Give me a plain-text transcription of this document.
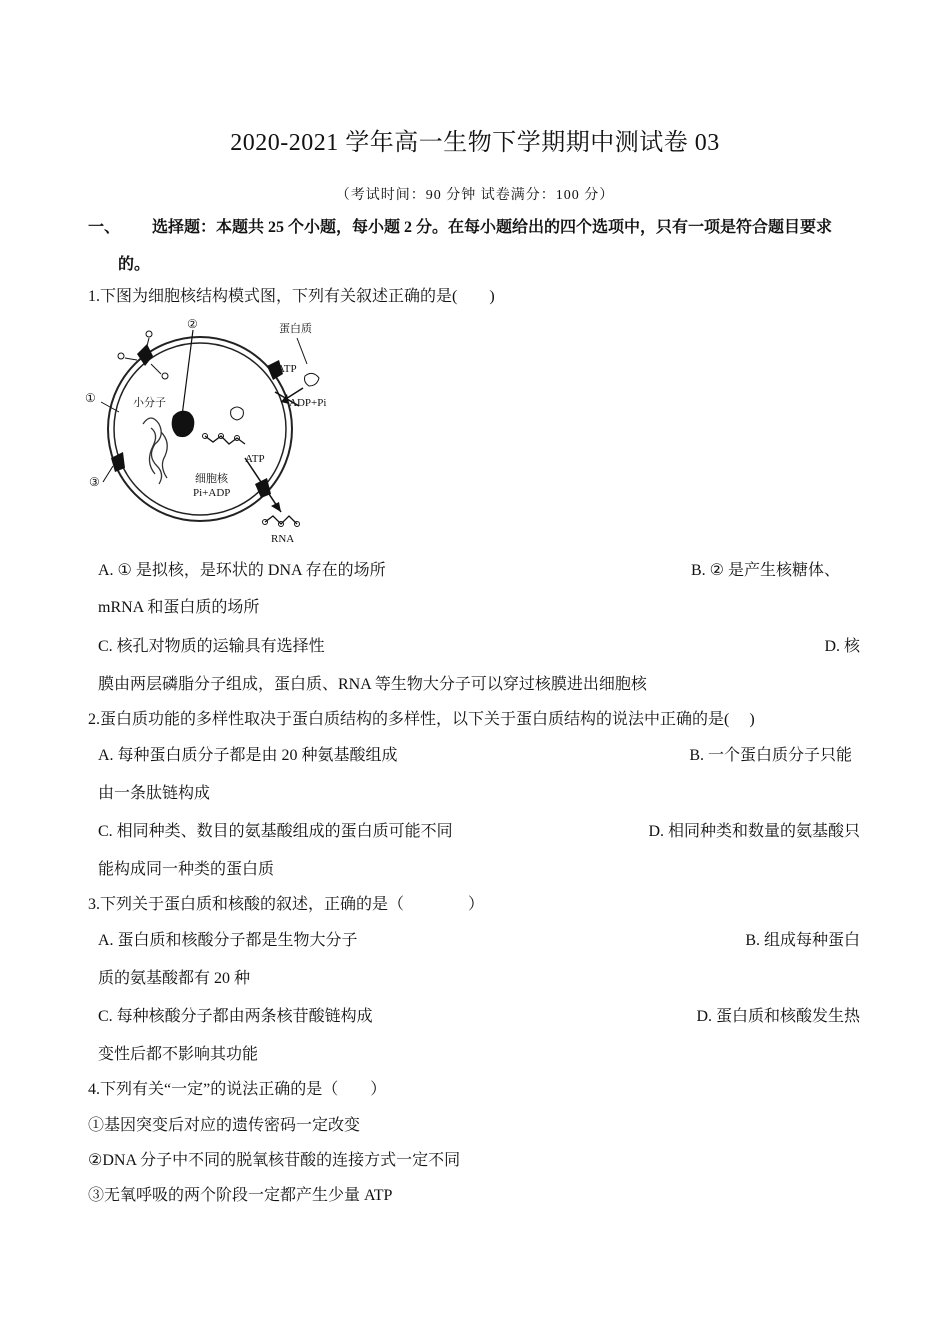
2020-2021 学年高一生物下学期期中测试卷 03
（考试时间：90 分钟 试卷满分：100 分）
一、 选择题：本题共 25 个小题，每小题 2 分。在每小题给出的四个选项中，只有一项是符合题目要求
的。
1.下图为细胞核结构模式图，下列有关叙述正确的是(　　)
①
②
③
小分子
蛋白质
ATP
ADP+Pi
ATP
细胞核
Pi+ADP
RNA
A. ① 是拟核，是环状的 DNA 存在的场所	B. ② 是产生核糖体、
mRNA 和蛋白质的场所
C. 核孔对物质的运输具有选择性	D. 核
膜由两层磷脂分子组成，蛋白质、RNA 等生物大分子可以穿过核膜进出细胞核
2.蛋白质功能的多样性取决于蛋白质结构的多样性，以下关于蛋白质结构的说法中正确的是(　 )
A. 每种蛋白质分子都是由 20 种氨基酸组成	B. 一个蛋白质分子只能
由一条肽链构成
C. 相同种类、数目的氨基酸组成的蛋白质可能不同	D. 相同种类和数量的氨基酸只
能构成同一种类的蛋白质
3.下列关于蛋白质和核酸的叙述，正确的是（　　　　）
A. 蛋白质和核酸分子都是生物大分子	B. 组成每种蛋白
质的氨基酸都有 20 种
C. 每种核酸分子都由两条核苷酸链构成	D. 蛋白质和核酸发生热
变性后都不影响其功能
4.下列有关“一定”的说法正确的是（　　）
①基因突变后对应的遗传密码一定改变
②DNA 分子中不同的脱氧核苷酸的连接方式一定不同
③无氧呼吸的两个阶段一定都产生少量 ATP
